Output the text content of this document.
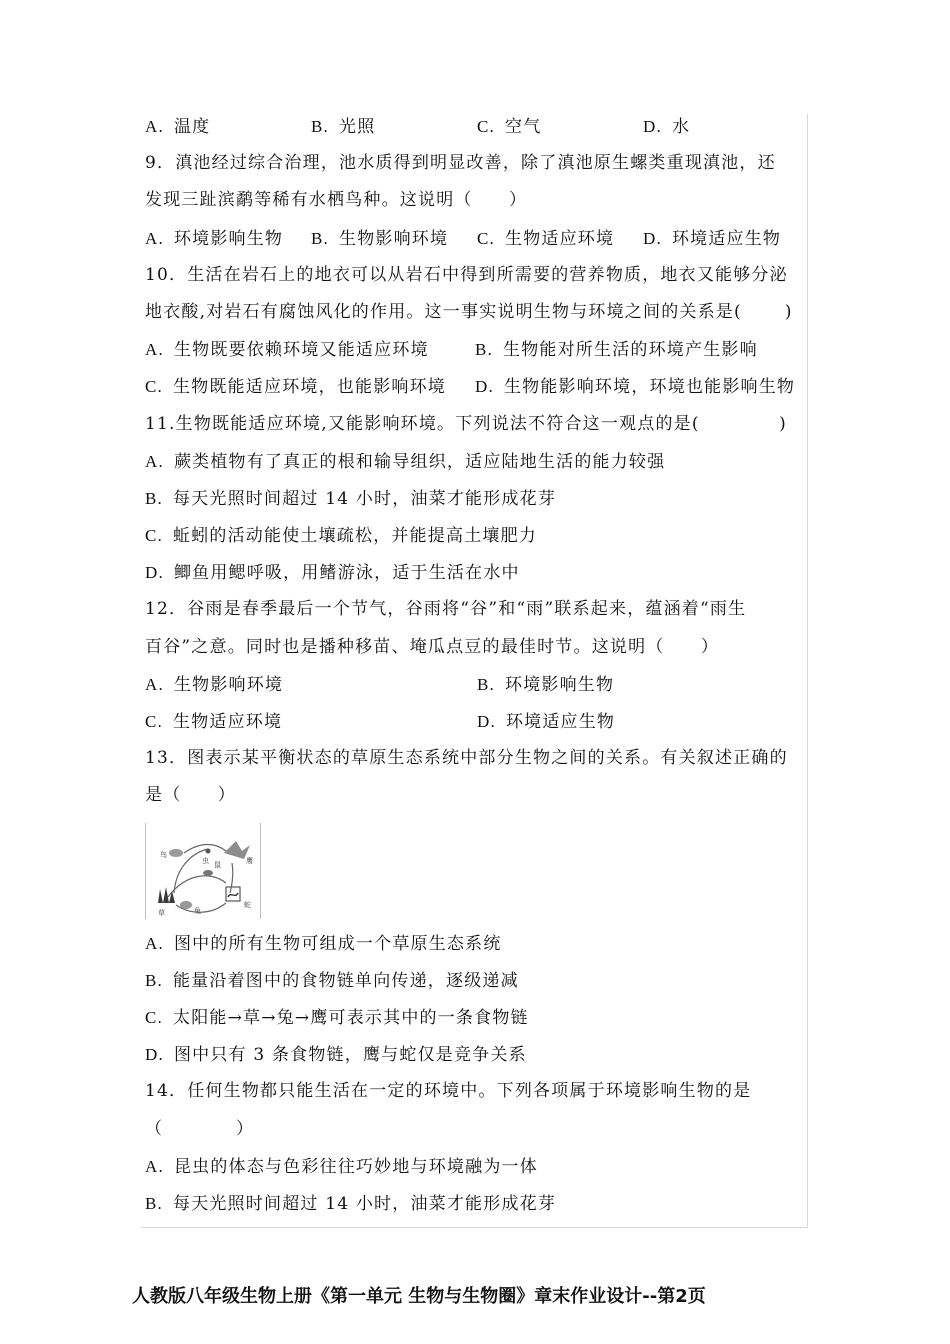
A. 温度	B. 光照	C. 空气	D. 水
9．滇池经过综合治理，池水质得到明显改善，除了滇池原生螺类重现滇池，还
发现三趾滨鹬等稀有水栖鸟种。这说明（　　）
A. 环境影响生物	B. 生物影响环境	C. 生物适应环境	D. 环境适应生物
10．生活在岩石上的地衣可以从岩石中得到所需要的营养物质，地衣又能够分泌
地衣酸,对岩石有腐蚀风化的作用。这一事实说明生物与环境之间的关系是(　　 )
A. 生物既要依赖环境又能适应环境	B. 生物能对所生活的环境产生影响
C. 生物既能适应环境，也能影响环境	D. 生物能影响环境，环境也能影响生物
11.生物既能适应环境,又能影响环境。下列说法不符合这一观点的是(　　　　 )
A. 蕨类植物有了真正的根和输导组织，适应陆地生活的能力较强
B. 每天光照时间超过 14 小时，油菜才能形成花芽
C. 蚯蚓的活动能使土壤疏松，并能提高土壤肥力
D. 鲫鱼用鳃呼吸，用鳍游泳，适于生活在水中
12．谷雨是春季最后一个节气，谷雨将“谷”和“雨”联系起来，蕴涵着“雨生
百谷”之意。同时也是播种移苗、埯瓜点豆的最佳时节。这说明（　　）
A. 生物影响环境	B. 环境影响生物
C. 生物适应环境	D. 环境适应生物
13．图表示某平衡状态的草原生态系统中部分生物之间的关系。有关叙述正确的
是（　　）
鸟
鹰
虫 鼠
草	兔
蛇
A. 图中的所有生物可组成一个草原生态系统
B. 能量沿着图中的食物链单向传递，逐级递减
C. 太阳能→草→兔→鹰可表示其中的一条食物链
D. 图中只有 3 条食物链，鹰与蛇仅是竞争关系
14．任何生物都只能生活在一定的环境中。下列各项属于环境影响生物的是
（　　　　）
A. 昆虫的体态与色彩往往巧妙地与环境融为一体
B. 每天光照时间超过 14 小时，油菜才能形成花芽
人教版八年级生物上册《第一单元 生物与生物圈》章末作业设计--第2页
